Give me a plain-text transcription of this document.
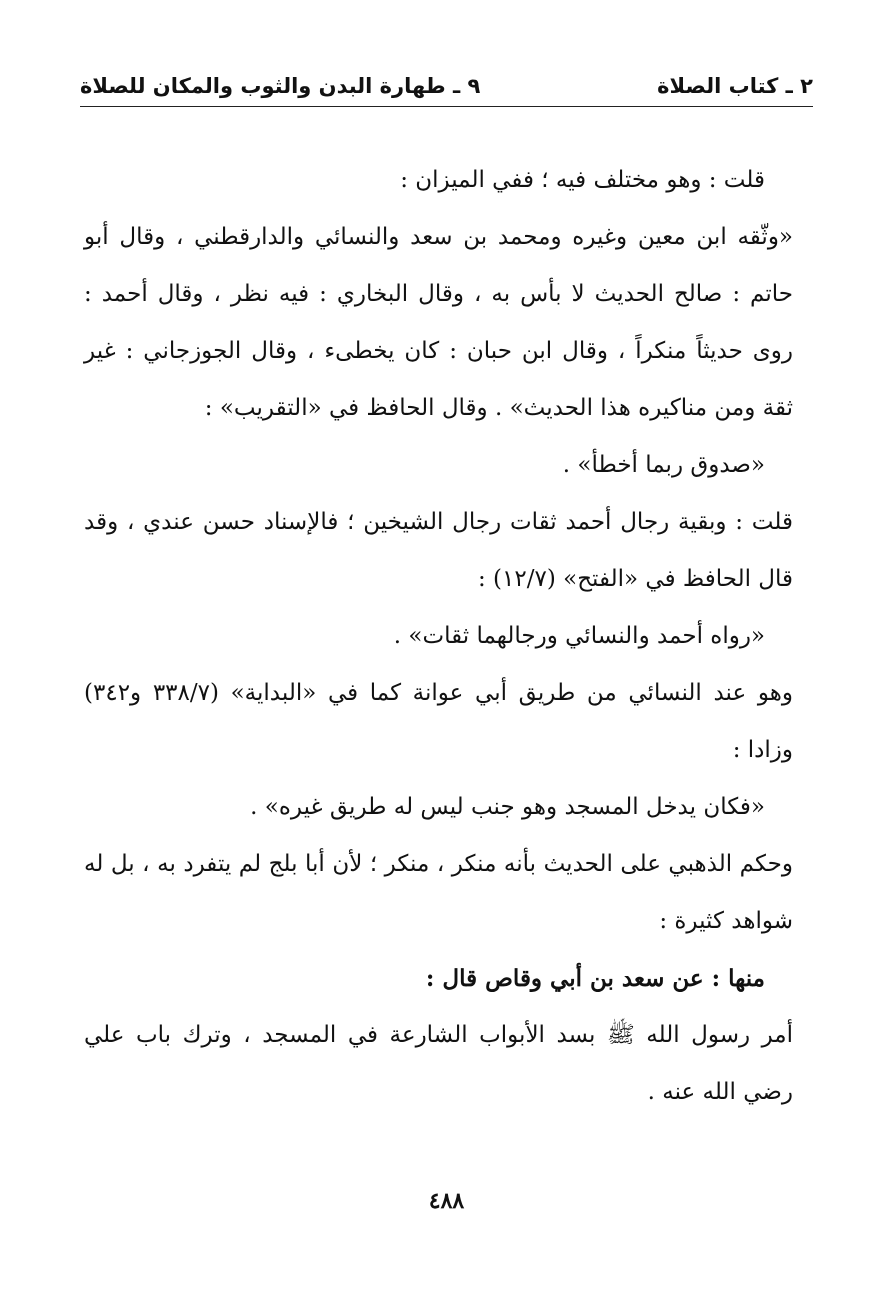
٢ ـ كتاب الصلاة
٩ ـ طهارة البدن والثوب والمكان للصلاة

قلت : وهو مختلف فيه ؛ ففي الميزان :

«وثّقه ابن معين وغيره ومحمد بن سعد والنسائي والدارقطني ، وقال أبو حاتم : صالح الحديث لا بأس به ، وقال البخاري : فيه نظر ، وقال أحمد : روى حديثاً منكراً ، وقال ابن حبان : كان يخطىء ، وقال الجوزجاني : غير ثقة ومن مناكيره هذا الحديث» . وقال الحافظ في «التقريب» :

«صدوق ربما أخطأ» .

قلت : وبقية رجال أحمد ثقات رجال الشيخين ؛ فالإسناد حسن عندي ، وقد قال الحافظ في «الفتح» (١٢/٧) :

«رواه أحمد والنسائي ورجالهما ثقات» .

وهو عند النسائي من طريق أبي عوانة كما في «البداية» (٣٣٨/٧ و٣٤٢) وزادا :

«فكان يدخل المسجد وهو جنب ليس له طريق غيره» .

وحكم الذهبي على الحديث بأنه منكر ، منكر ؛ لأن أبا بلج لم يتفرد به ، بل له شواهد كثيرة :

منها : عن سعد بن أبي وقاص قال :

أمر رسول الله ﷺ بسد الأبواب الشارعة في المسجد ، وترك باب علي رضي الله عنه .

٤٨٨
